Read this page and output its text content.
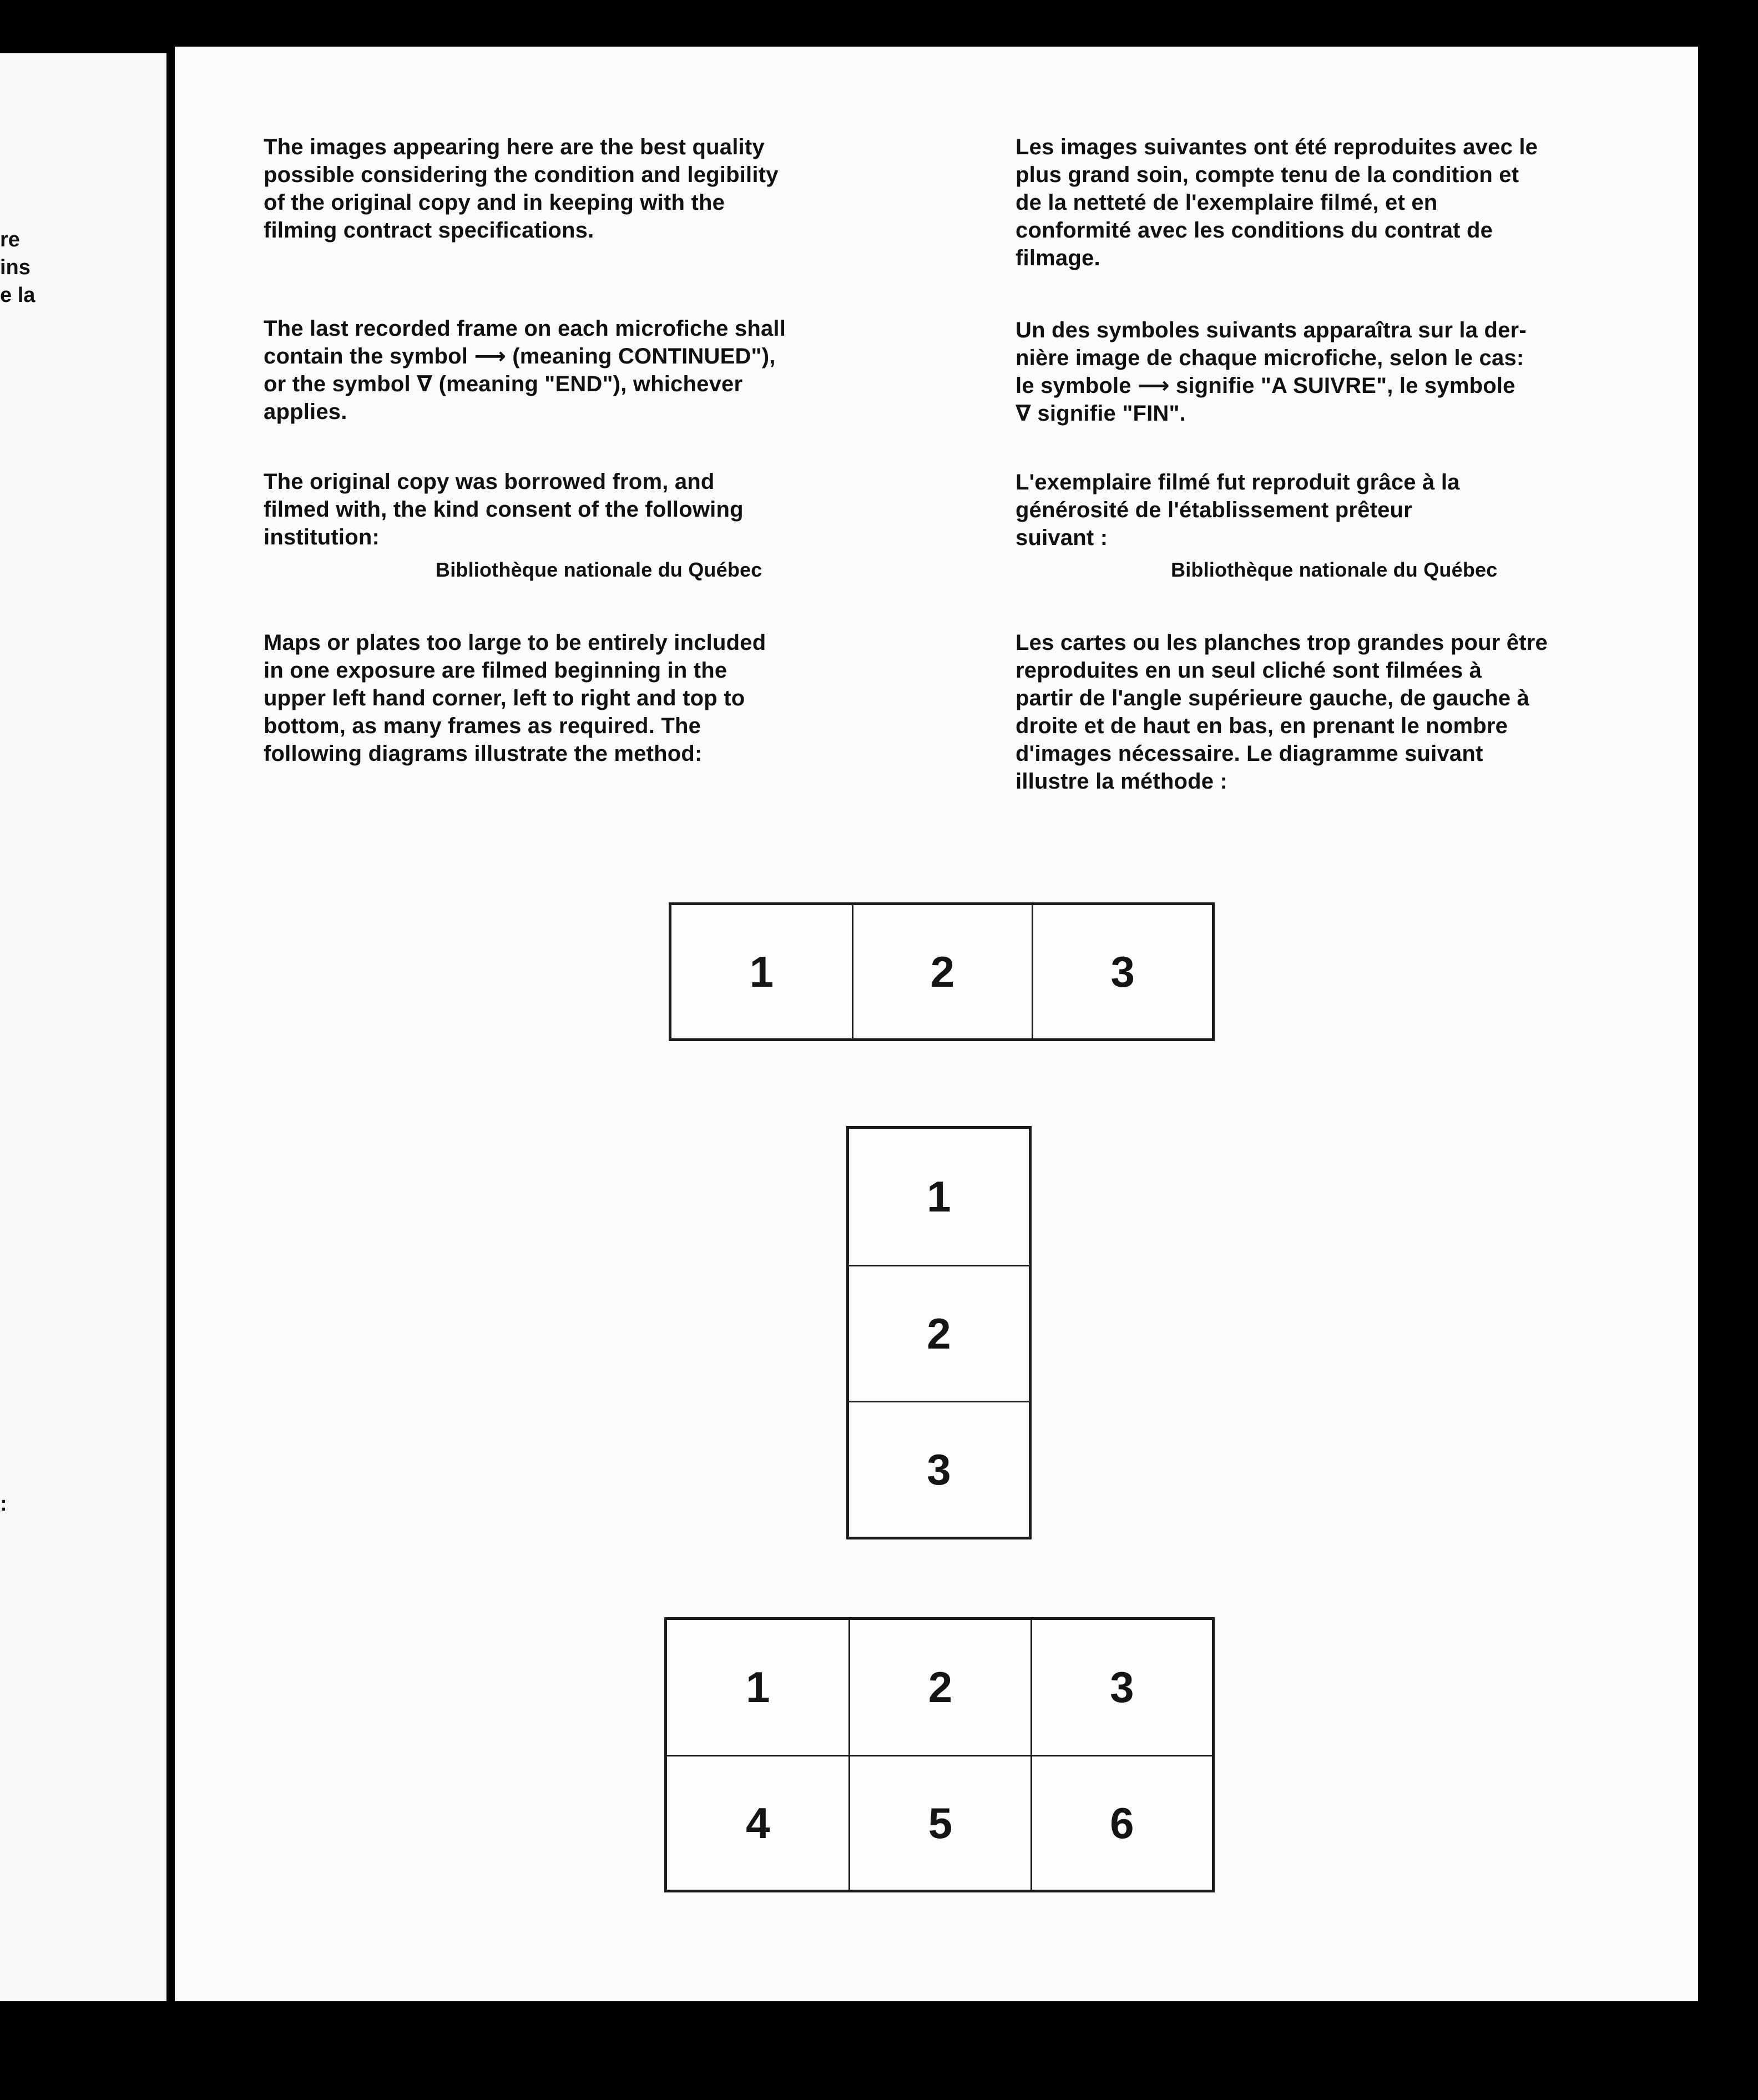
re
ins
e la
:

The images appearing here are the best quality
possible considering the condition and legibility
of the original copy and in keeping with the
filming contract specifications.

The last recorded frame on each microfiche shall
contain the symbol ⟶ (meaning CONTINUED"),
or the symbol ∇ (meaning "END"), whichever
applies.

The original copy was borrowed from, and
filmed with, the kind consent of the following
institution:

Bibliothèque nationale du Québec

Maps or plates too large to be entirely included
in one exposure are filmed beginning in the
upper left hand corner, left to right and top to
bottom, as many frames as required. The
following diagrams illustrate the method:

Les images suivantes ont été reproduites avec le
plus grand soin, compte tenu de la condition et
de la netteté de l'exemplaire filmé, et en
conformité avec les conditions du contrat de
filmage.

Un des symboles suivants apparaîtra sur la der-
nière image de chaque microfiche, selon le cas:
le symbole ⟶ signifie "A SUIVRE", le symbole
∇ signifie "FIN".

L'exemplaire filmé fut reproduit grâce à la
générosité de l'établissement prêteur
suivant :

Bibliothèque nationale du Québec

Les cartes ou les planches trop grandes pour être
reproduites en un seul cliché sont filmées à
partir de l'angle supérieure gauche, de gauche à
droite et de haut en bas, en prenant le nombre
d'images nécessaire. Le diagramme suivant
illustre la méthode :

1	2	3
1
2
3
1	2	3
4	5	6
